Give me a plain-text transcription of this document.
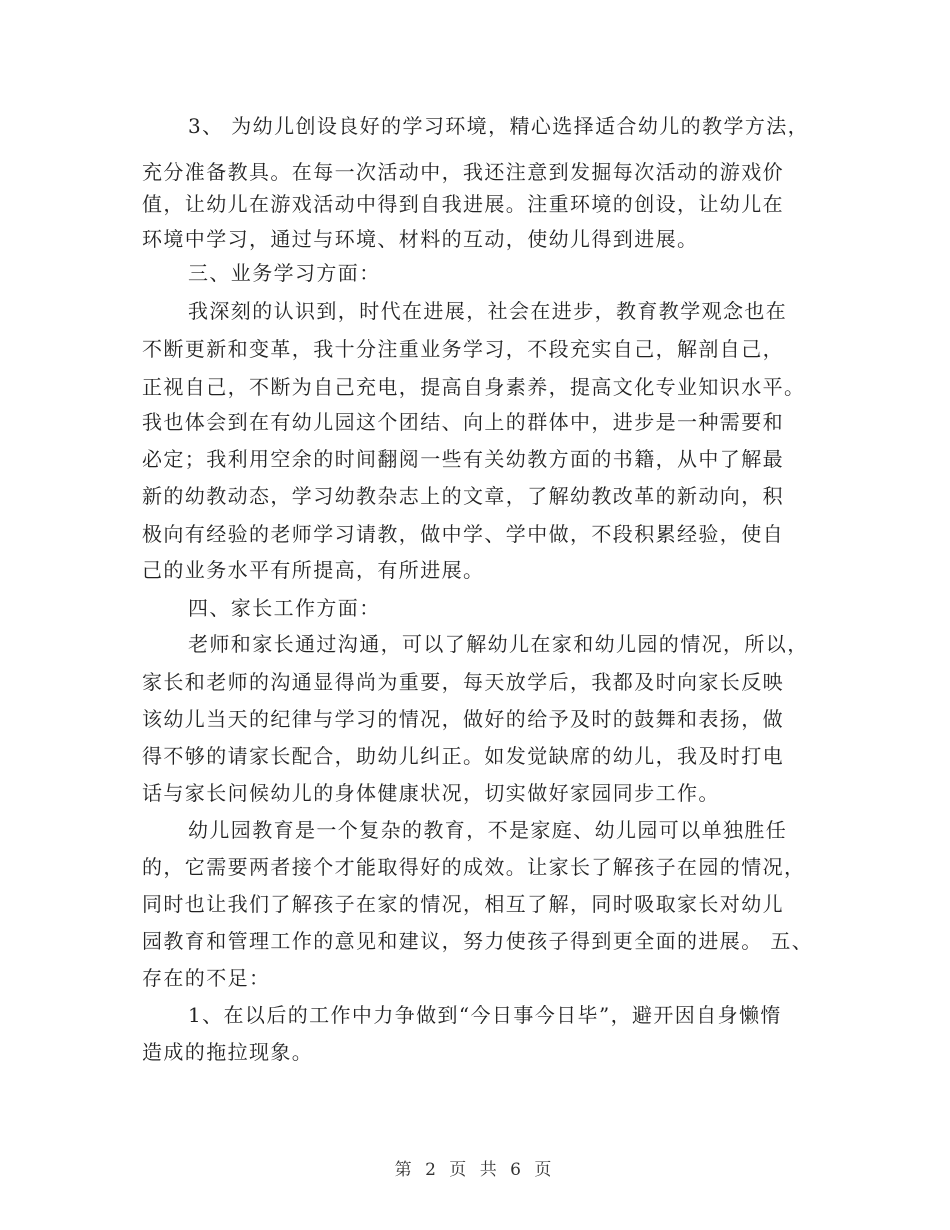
3、 为幼儿创设良好的学习环境，精心选择适合幼儿的教学方法，
充分准备教具。在每一次活动中，我还注意到发掘每次活动的游戏价
值，让幼儿在游戏活动中得到自我进展。注重环境的创设，让幼儿在
环境中学习，通过与环境、材料的互动，使幼儿得到进展。
三、业务学习方面：
我深刻的认识到，时代在进展，社会在进步，教育教学观念也在
不断更新和变革，我十分注重业务学习，不段充实自己，解剖自己，
正视自己，不断为自己充电，提高自身素养，提高文化专业知识水平。
我也体会到在有幼儿园这个团结、向上的群体中，进步是一种需要和
必定；我利用空余的时间翻阅一些有关幼教方面的书籍，从中了解最
新的幼教动态，学习幼教杂志上的文章，了解幼教改革的新动向，积
极向有经验的老师学习请教，做中学、学中做，不段积累经验，使自
己的业务水平有所提高，有所进展。
四、家长工作方面：
老师和家长通过沟通，可以了解幼儿在家和幼儿园的情况，所以，
家长和老师的沟通显得尚为重要，每天放学后，我都及时向家长反映
该幼儿当天的纪律与学习的情况，做好的给予及时的鼓舞和表扬，做
得不够的请家长配合，助幼儿纠正。如发觉缺席的幼儿，我及时打电
话与家长问候幼儿的身体健康状况，切实做好家园同步工作。
幼儿园教育是一个复杂的教育，不是家庭、幼儿园可以单独胜任
的，它需要两者接个才能取得好的成效。让家长了解孩子在园的情况，
同时也让我们了解孩子在家的情况，相互了解，同时吸取家长对幼儿
园教育和管理工作的意见和建议，努力使孩子得到更全面的进展。 五、
存在的不足：
1、在以后的工作中力争做到“今日事今日毕”，避开因自身懒惰
造成的拖拉现象。
第 2 页 共 6 页
